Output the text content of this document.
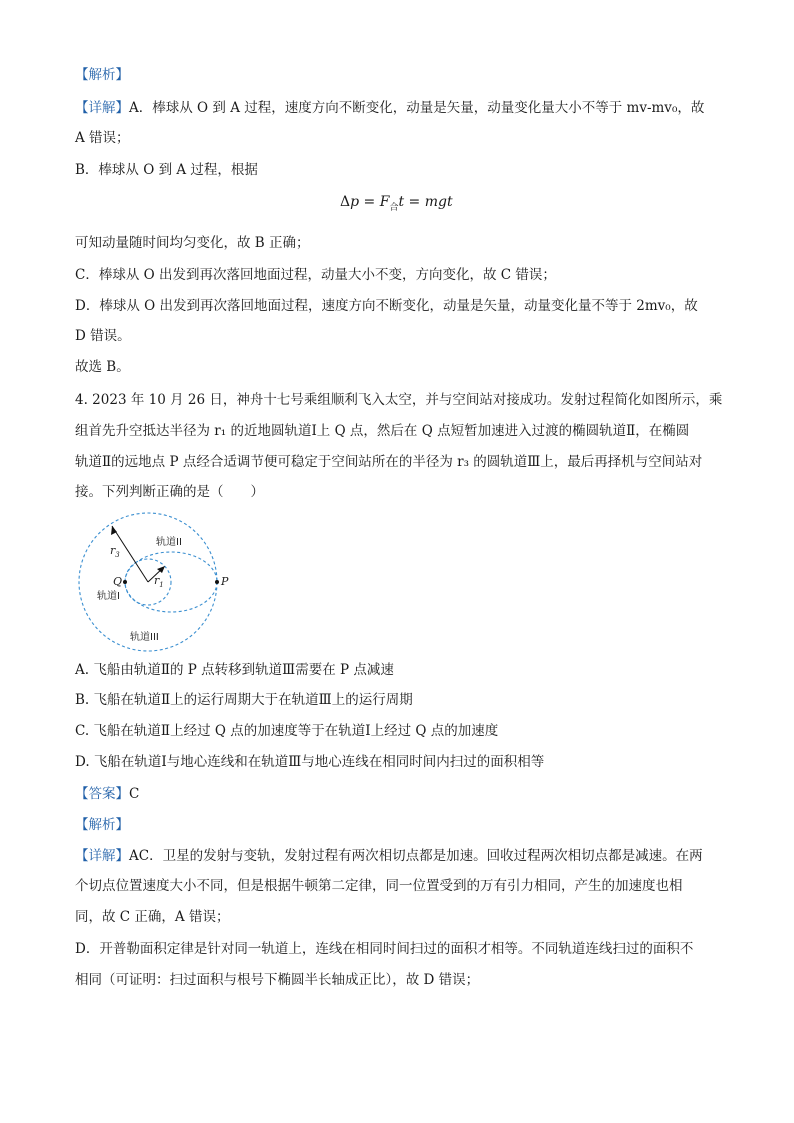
【解析】
【详解】A．棒球从 O 到 A 过程，速度方向不断变化，动量是矢量，动量变化量大小不等于 mv-mv₀，故
A 错误；
B．棒球从 O 到 A 过程，根据
$\Delta p = F_合t$ = mgt
可知动量随时间均匀变化，故 B 正确；
C．棒球从 O 出发到再次落回地面过程，动量大小不变，方向变化，故 C 错误；
D．棒球从 O 出发到再次落回地面过程，速度方向不断变化，动量是矢量，动量变化量不等于 2mv₀，故
D 错误。
故选 B。
4. 2023 年 10 月 26 日，神舟十七号乘组顺利飞入太空，并与空间站对接成功。发射过程简化如图所示，乘
组首先升空抵达半径为 r₁ 的近地圆轨道Ⅰ上 Q 点，然后在 Q 点短暂加速进入过渡的椭圆轨道Ⅱ，在椭圆
轨道Ⅱ的远地点 P 点经合适调节便可稳定于空间站所在的半径为 r₃ 的圆轨道Ⅲ上，最后再择机与空间站对
接。下列判断正确的是（　　）
$r_3$
$r_1$
Q	P
轨道I
轨道II
轨道III
A. 飞船由轨道Ⅱ的 P 点转移到轨道Ⅲ需要在 P 点减速
B. 飞船在轨道Ⅱ上的运行周期大于在轨道Ⅲ上的运行周期
C. 飞船在轨道Ⅱ上经过 Q 点的加速度等于在轨道Ⅰ上经过 Q 点的加速度
D. 飞船在轨道Ⅰ与地心连线和在轨道Ⅲ与地心连线在相同时间内扫过的面积相等
【答案】C
【解析】
【详解】AC．卫星的发射与变轨，发射过程有两次相切点都是加速。回收过程两次相切点都是减速。在两
个切点位置速度大小不同，但是根据牛顿第二定律，同一位置受到的万有引力相同，产生的加速度也相
同，故 C 正确，A 错误；
D．开普勒面积定律是针对同一轨道上，连线在相同时间扫过的面积才相等。不同轨道连线扫过的面积不
相同（可证明：扫过面积与根号下椭圆半长轴成正比），故 D 错误；
